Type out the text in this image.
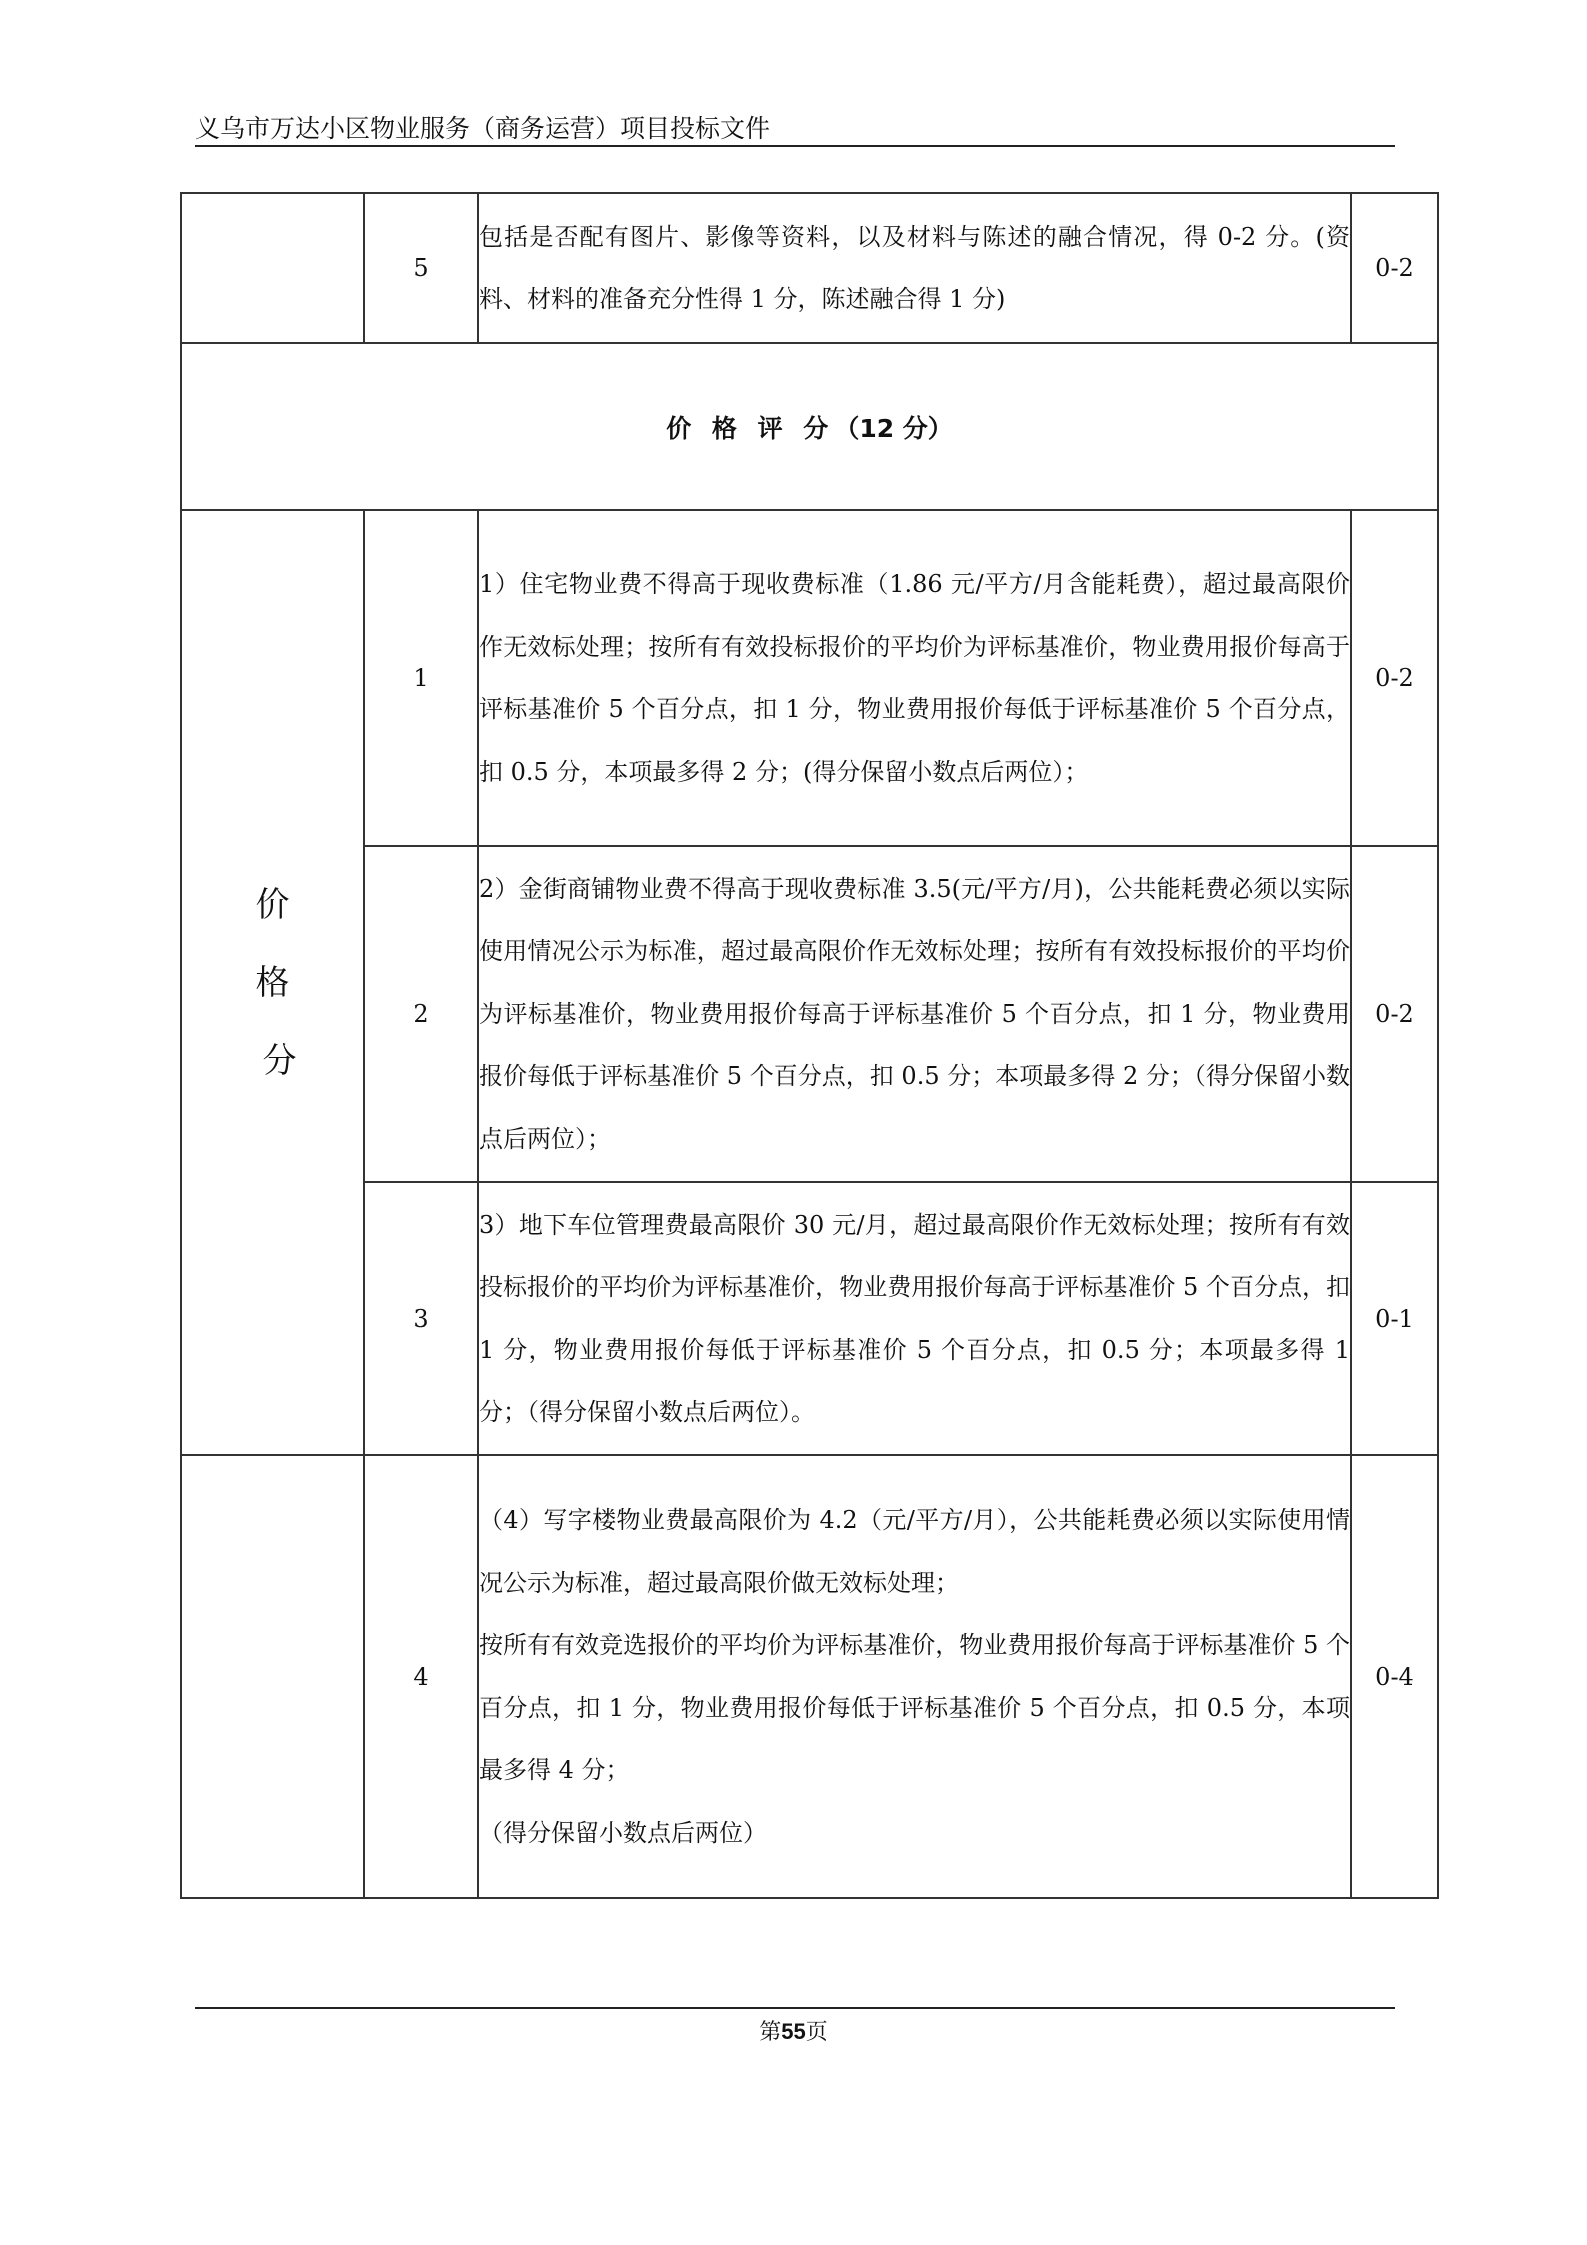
义乌市万达小区物业服务（商务运营）项目投标文件
	5	包括是否配有图片、影像等资料，以及材料与陈述的融合情况，得 0-2 分。(资料、材料的准备充分性得 1 分，陈述融合得 1 分)	0-2
价 格 评 分（12 分）			

价
格
分	1	1）住宅物业费不得高于现收费标准（1.86 元/平方/月含能耗费），超过最高限价作无效标处理；按所有有效投标报价的平均价为评标基准价，物业费用报价每高于评标基准价 5 个百分点，扣 1 分，物业费用报价每低于评标基准价 5 个百分点，扣 0.5 分，本项最多得 2 分；(得分保留小数点后两位）；	0-2
	2	2）金街商铺物业费不得高于现收费标准 3.5(元/平方/月)，公共能耗费必须以实际使用情况公示为标准，超过最高限价作无效标处理；按所有有效投标报价的平均价为评标基准价，物业费用报价每高于评标基准价 5 个百分点，扣 1 分，物业费用报价每低于评标基准价 5 个百分点，扣 0.5 分；本项最多得 2 分；（得分保留小数点后两位）；	0-2
	3	3）地下车位管理费最高限价 30 元/月，超过最高限价作无效标处理；按所有有效投标报价的平均价为评标基准价，物业费用报价每高于评标基准价 5 个百分点，扣 1 分，物业费用报价每低于评标基准价 5 个百分点，扣 0.5 分；本项最多得 1 分；（得分保留小数点后两位）。	0-1
	4	（4）写字楼物业费最高限价为 4.2（元/平方/月），公共能耗费必须以实际使用情况公示为标准，超过最高限价做无效标处理；
按所有有效竞选报价的平均价为评标基准价，物业费用报价每高于评标基准价 5 个百分点，扣 1 分，物业费用报价每低于评标基准价 5 个百分点，扣 0.5 分，本项最多得 4 分；
（得分保留小数点后两位）	0-4
第55页
